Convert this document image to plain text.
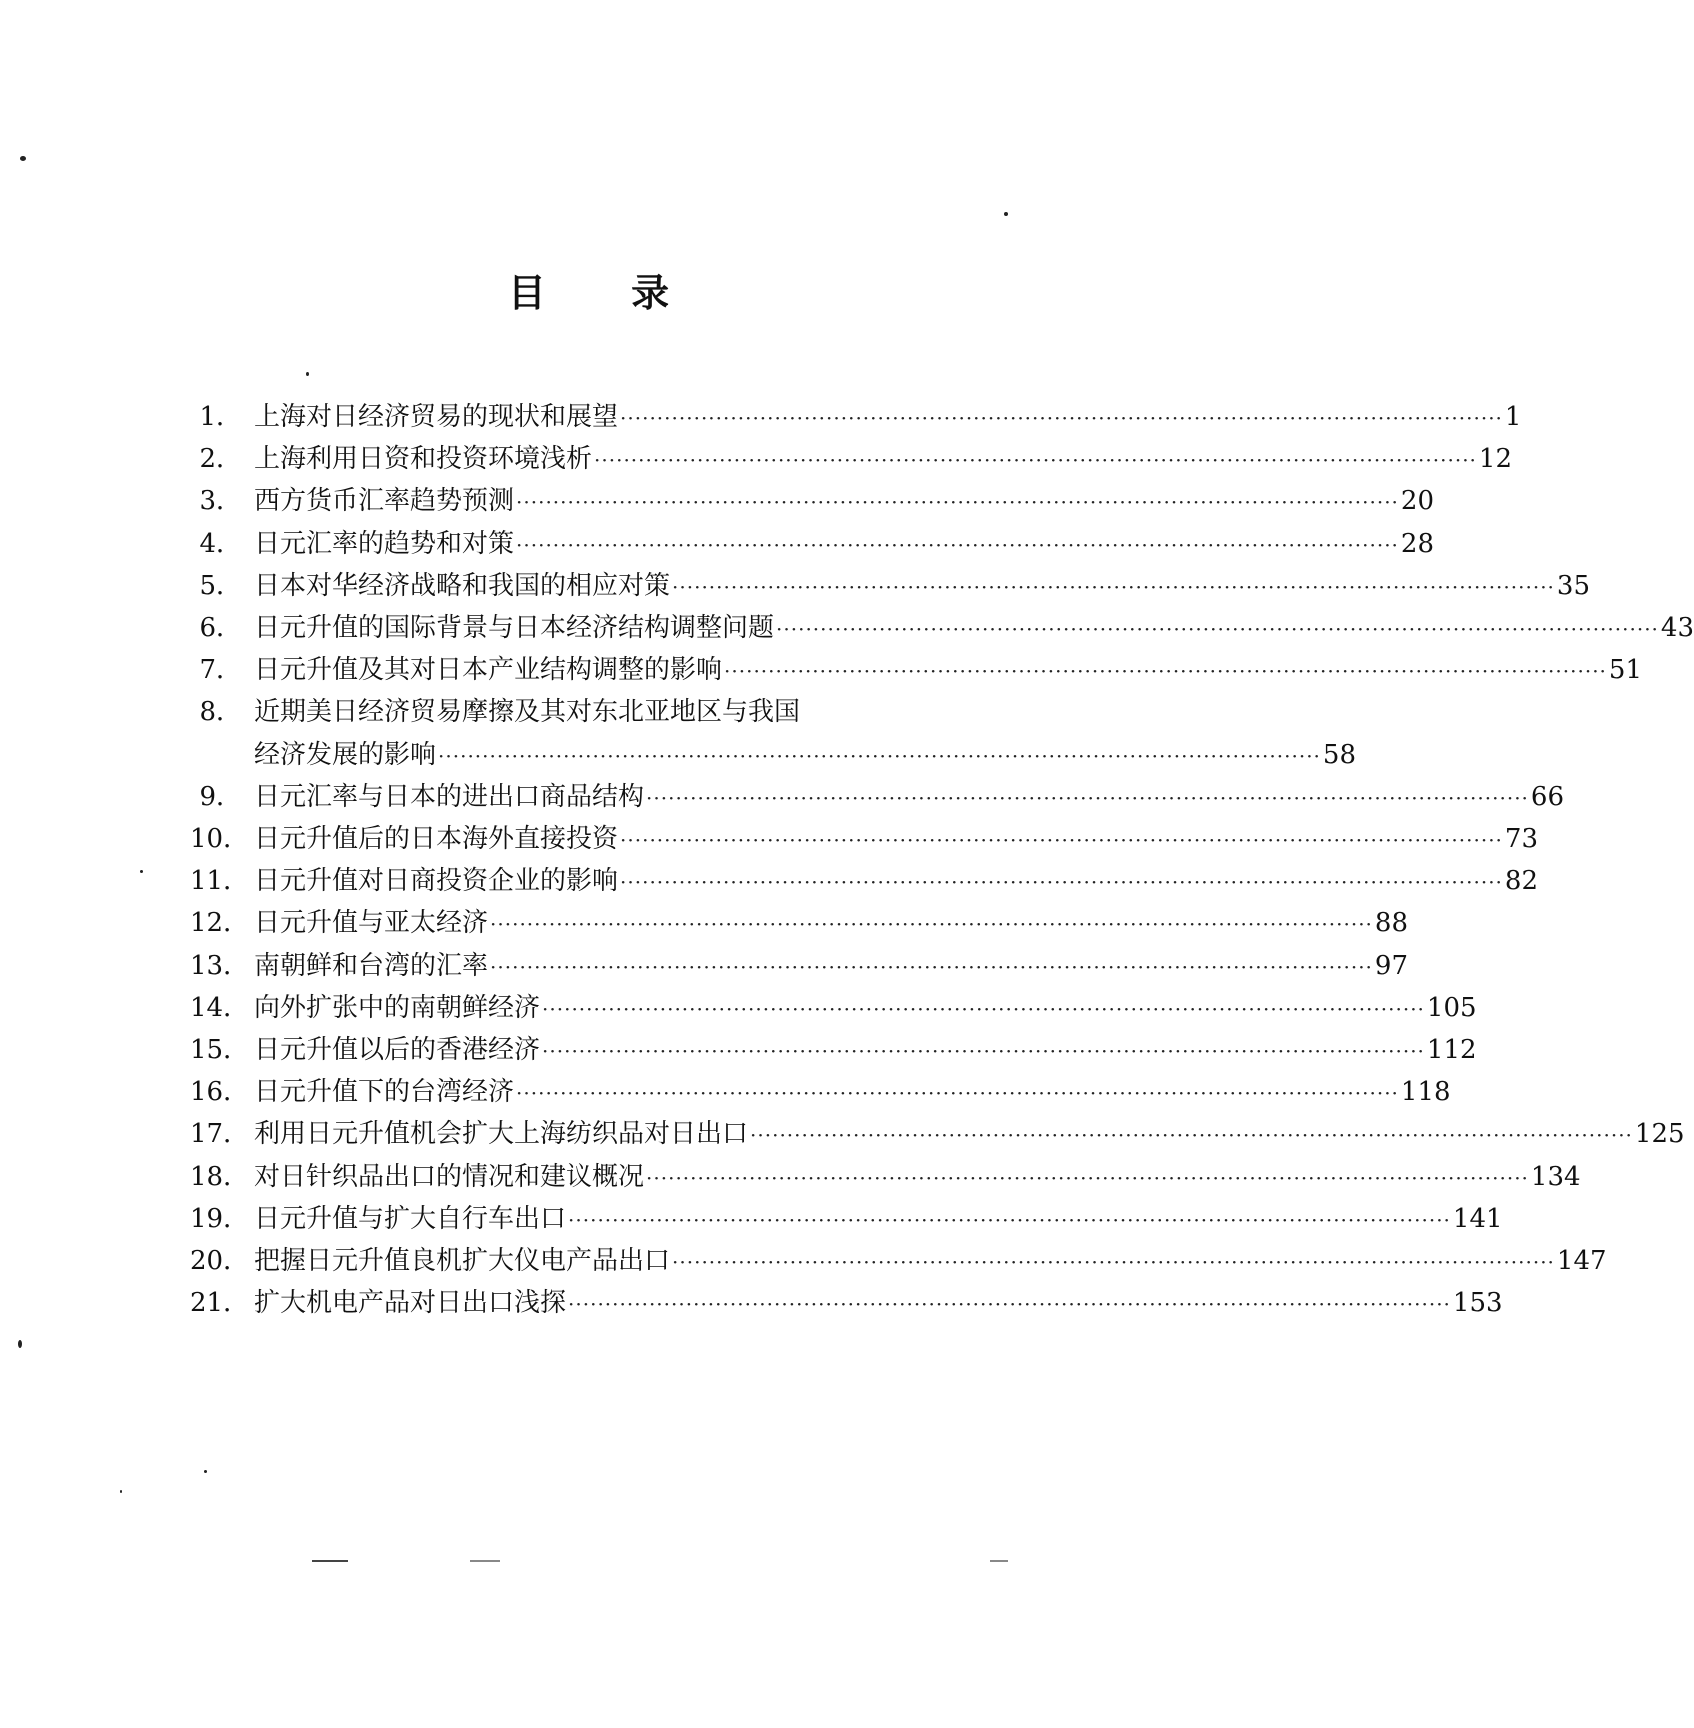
目 录
1． 上海对日经济贸易的现状和展望 ························································································································ 1
2． 上海利用日资和投资环境浅析 ························································································································ 12
3． 西方货币汇率趋势预测 ························································································································ 20
4． 日元汇率的趋势和对策 ························································································································ 28
5． 日本对华经济战略和我国的相应对策 ························································································································ 35
6． 日元升值的国际背景与日本经济结构调整问题 ························································································································ 43
7． 日元升值及其对日本产业结构调整的影响 ························································································································ 51
8． 近期美日经济贸易摩擦及其对东北亚地区与我国
经济发展的影响 ························································································································ 58
9． 日元汇率与日本的进出口商品结构 ························································································································ 66
10． 日元升值后的日本海外直接投资 ························································································································ 73
11． 日元升值对日商投资企业的影响 ························································································································ 82
12． 日元升值与亚太经济 ························································································································ 88
13． 南朝鲜和台湾的汇率 ························································································································ 97
14． 向外扩张中的南朝鲜经济 ························································································································ 105
15． 日元升值以后的香港经济 ························································································································ 112
16． 日元升值下的台湾经济 ························································································································ 118
17． 利用日元升值机会扩大上海纺织品对日出口 ························································································································ 125
18． 对日针织品出口的情况和建议概况 ························································································································ 134
19． 日元升值与扩大自行车出口 ························································································································ 141
20． 把握日元升值良机扩大仪电产品出口 ························································································································ 147
21． 扩大机电产品对日出口浅探 ························································································································ 153
